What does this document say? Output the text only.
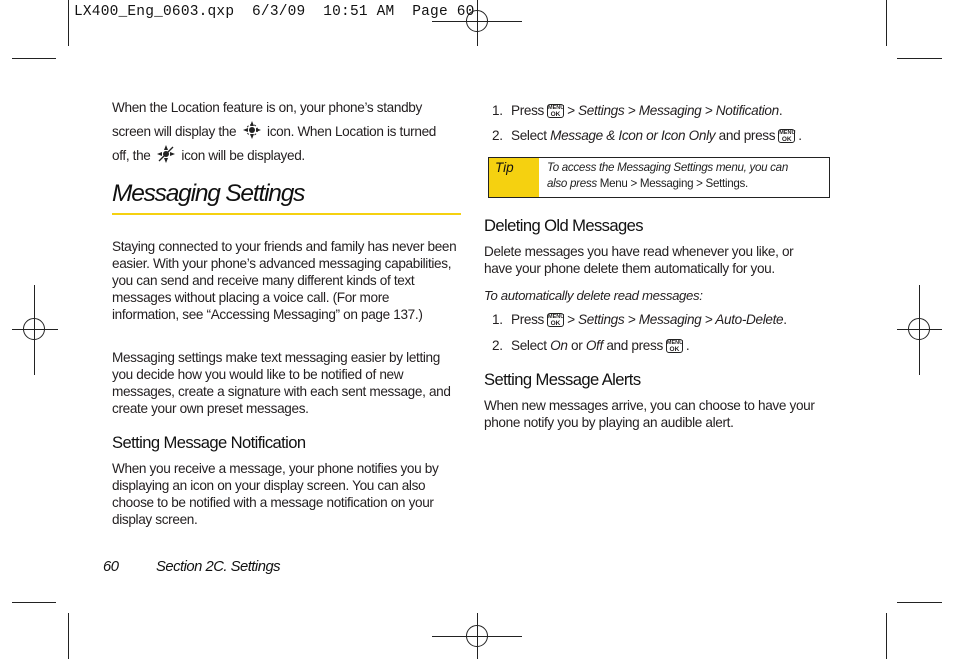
LX400_Eng_0603.qxp  6/3/09  10:51 AM  Page 60
When the Location feature is on, your phone’s standby
screen will display the icon. When Location is turned
off, the icon will be displayed.
Messaging Settings
Staying connected to your friends and family has never been easier. With your phone’s advanced messaging capabilities, you can send and receive many different kinds of text messages without placing a voice call. (For more information, see “Accessing Messaging” on page 137.)
Messaging settings make text messaging easier by letting you decide how you would like to be notified of new messages, create a signature with each sent message, and create your own preset messages.
Setting Message Notification
When you receive a message, your phone notifies you by displaying an icon on your display screen. You can also choose to be notified with a message notification on your display screen.
1. Press MENU
OK > Settings > Messaging > Notification .
2. Select
Message & Icon or Icon Only
and press MENU
OK .
Tip	To access the Messaging Settings menu, you can
also press Menu > Messaging > Settings.
Deleting Old Messages
Delete messages you have read whenever you like, or have your phone delete them automatically for you.
To automatically delete read messages:
1. Press MENU
OK > Settings > Messaging > Auto-Delete .
2. Select
On
or
Off
and press MENU
OK .
Setting Message Alerts
When new messages arrive, you can choose to have your phone notify you by playing an audible alert.
60	Section 2C. Settings
